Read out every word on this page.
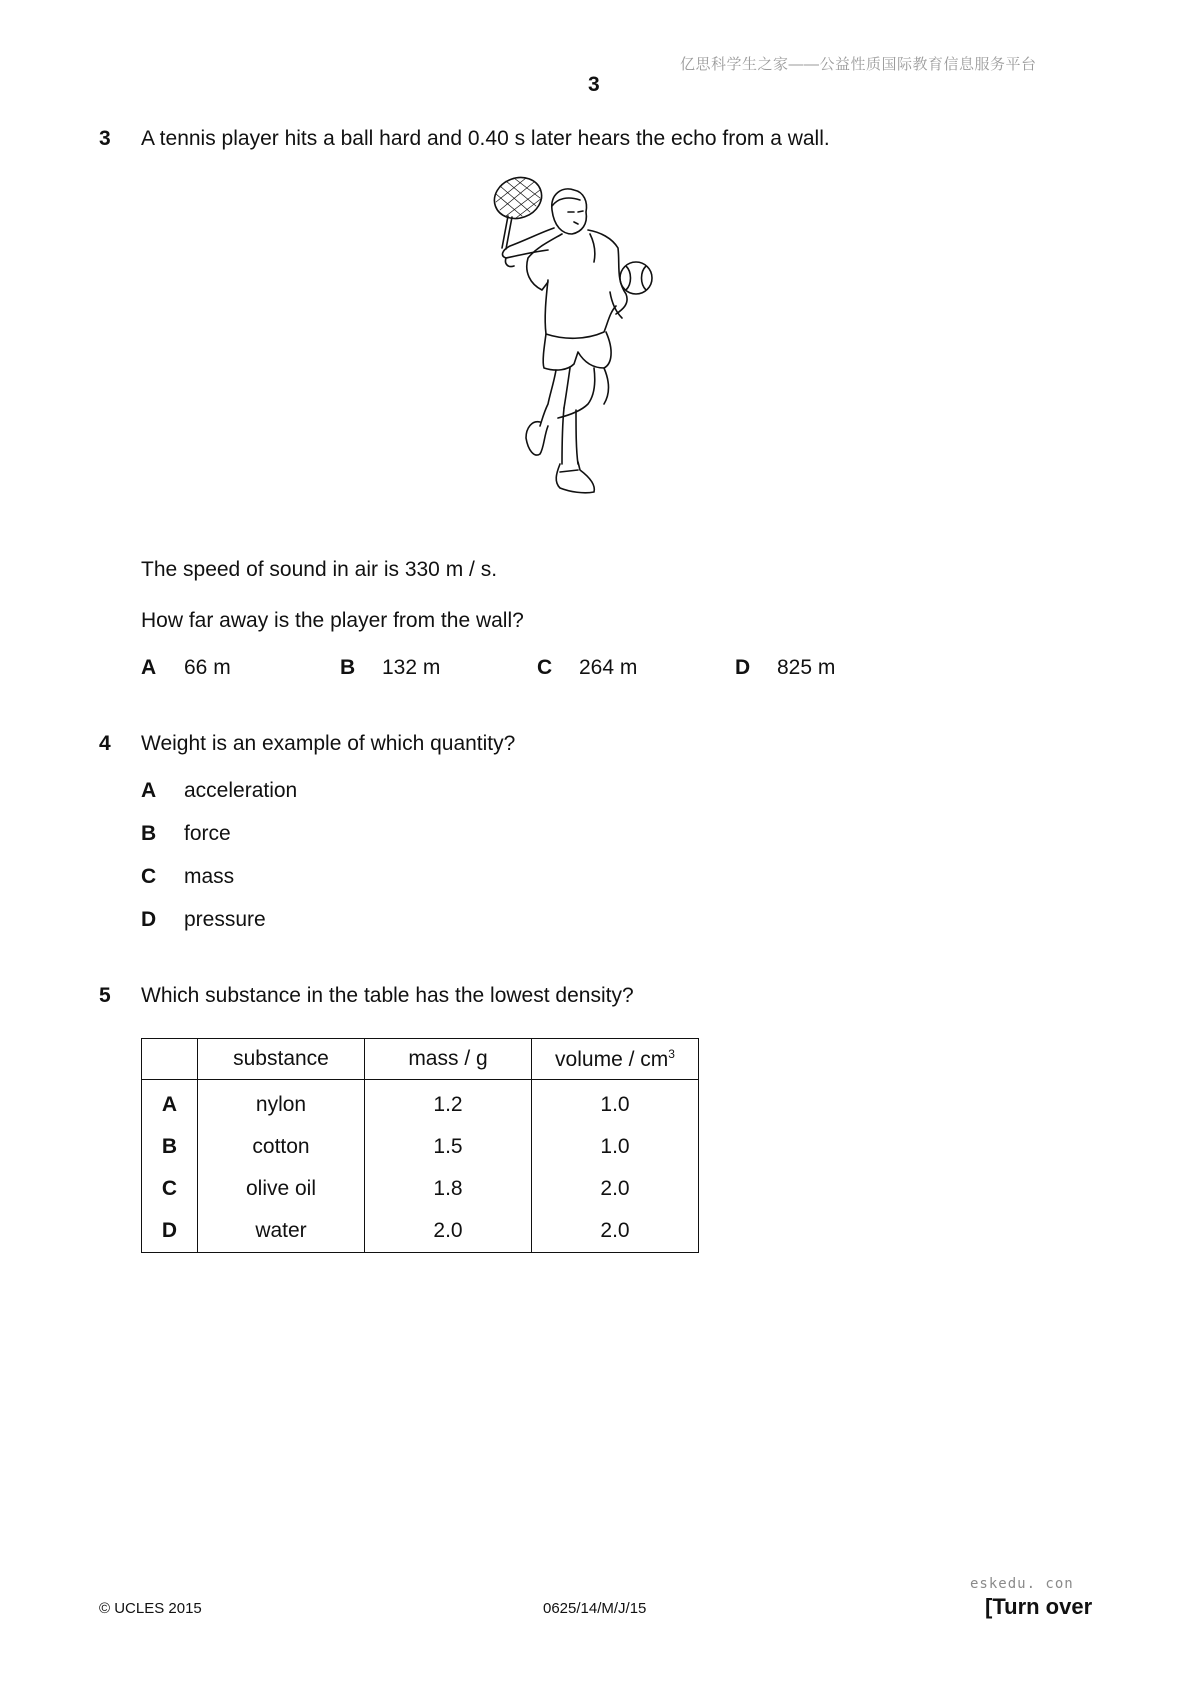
亿思科学生之家——公益性质国际教育信息服务平台
3
3 A tennis player hits a ball hard and 0.40 s later hears the echo from a wall.
The speed of sound in air is 330 m / s.
How far away is the player from the wall?
A 66 m	B 132 m	C 264 m	D 825 m
4 Weight is an example of which quantity?
A acceleration
B force
C mass
D pressure
5 Which substance in the table has the lowest density?
	substance	mass / g	volume / $cm^3$
A	nylon	1.2	1.0
B	cotton	1.5	1.0
C	olive oil	1.8	2.0
D	water	2.0	2.0
eskedu. con
© UCLES 2015	0625/14/M/J/15	[Turn over
